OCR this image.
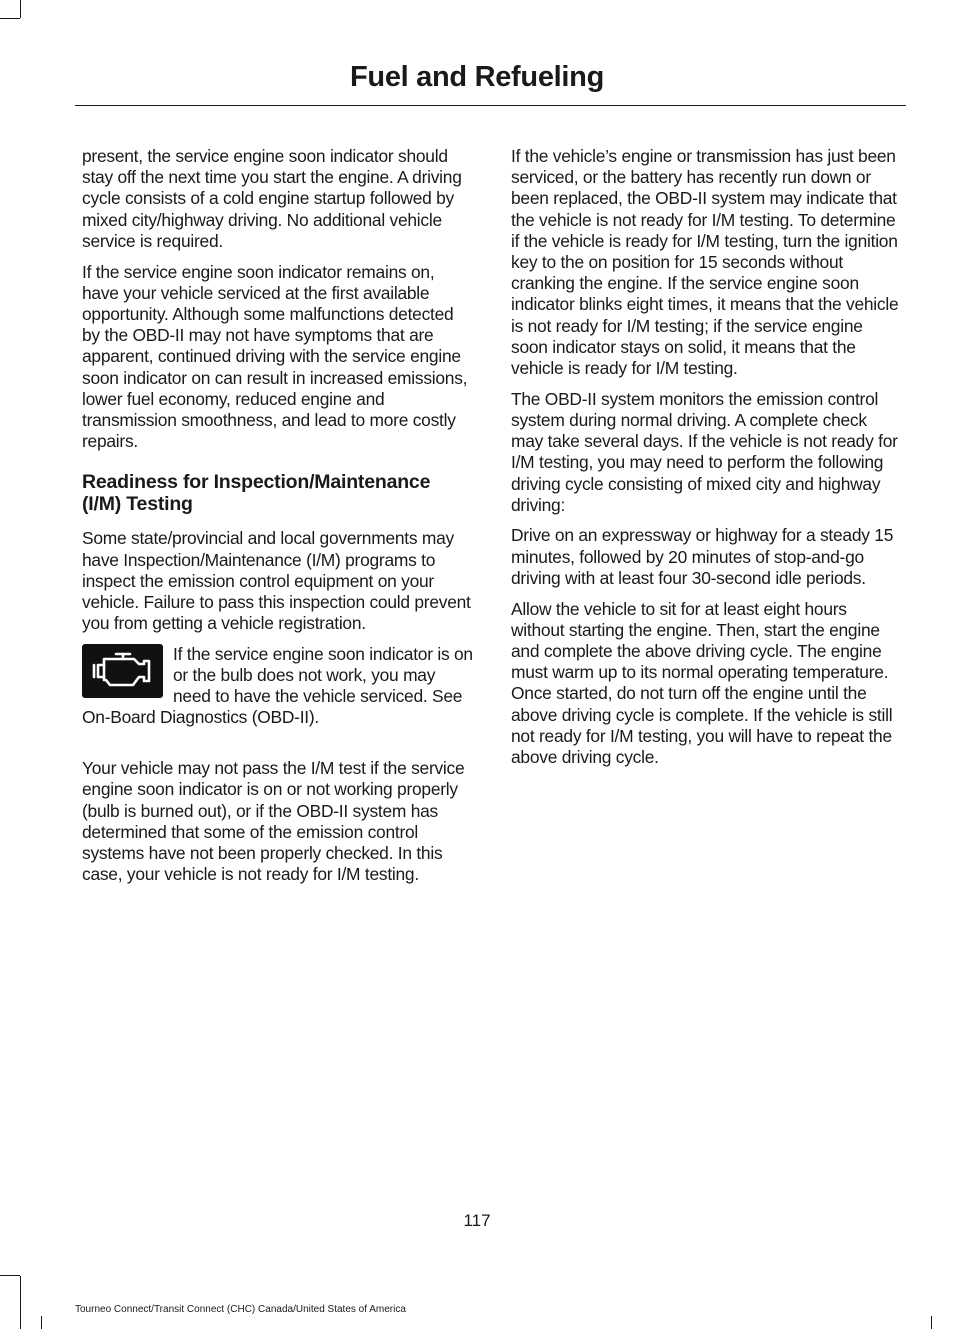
Fuel and Refueling

present, the service engine soon indicator should stay off the next time you start the engine. A driving cycle consists of a cold engine startup followed by mixed city/highway driving. No additional vehicle service is required.

If the service engine soon indicator remains on, have your vehicle serviced at the first available opportunity. Although some malfunctions detected by the OBD-II may not have symptoms that are apparent, continued driving with the service engine soon indicator on can result in increased emissions, lower fuel economy, reduced engine and transmission smoothness, and lead to more costly repairs.

Readiness for Inspection/Maintenance (I/M) Testing

Some state/provincial and local governments may have Inspection/Maintenance (I/M) programs to inspect the emission control equipment on your vehicle. Failure to pass this inspection could prevent you from getting a vehicle registration.

If the service engine soon indicator is on or the bulb does not work, you may need to have the vehicle serviced. See On-Board Diagnostics (OBD-II).

Your vehicle may not pass the I/M test if the service engine soon indicator is on or not working properly (bulb is burned out), or if the OBD-II system has determined that some of the emission control systems have not been properly checked. In this case, your vehicle is not ready for I/M testing.

If the vehicle’s engine or transmission has just been serviced, or the battery has recently run down or been replaced, the OBD-II system may indicate that the vehicle is not ready for I/M testing. To determine if the vehicle is ready for I/M testing, turn the ignition key to the on position for 15 seconds without cranking the engine. If the service engine soon indicator blinks eight times, it means that the vehicle is not ready for I/M testing; if the service engine soon indicator stays on solid, it means that the vehicle is ready for I/M testing.

The OBD-II system monitors the emission control system during normal driving. A complete check may take several days. If the vehicle is not ready for I/M testing, you may need to perform the following driving cycle consisting of mixed city and highway driving:

Drive on an expressway or highway for a steady 15 minutes, followed by 20 minutes of stop-and-go driving with at least four 30-second idle periods.

Allow the vehicle to sit for at least eight hours without starting the engine. Then, start the engine and complete the above driving cycle. The engine must warm up to its normal operating temperature. Once started, do not turn off the engine until the above driving cycle is complete. If the vehicle is still not ready for I/M testing, you will have to repeat the above driving cycle.

117
Tourneo Connect/Transit Connect (CHC) Canada/United States of America
